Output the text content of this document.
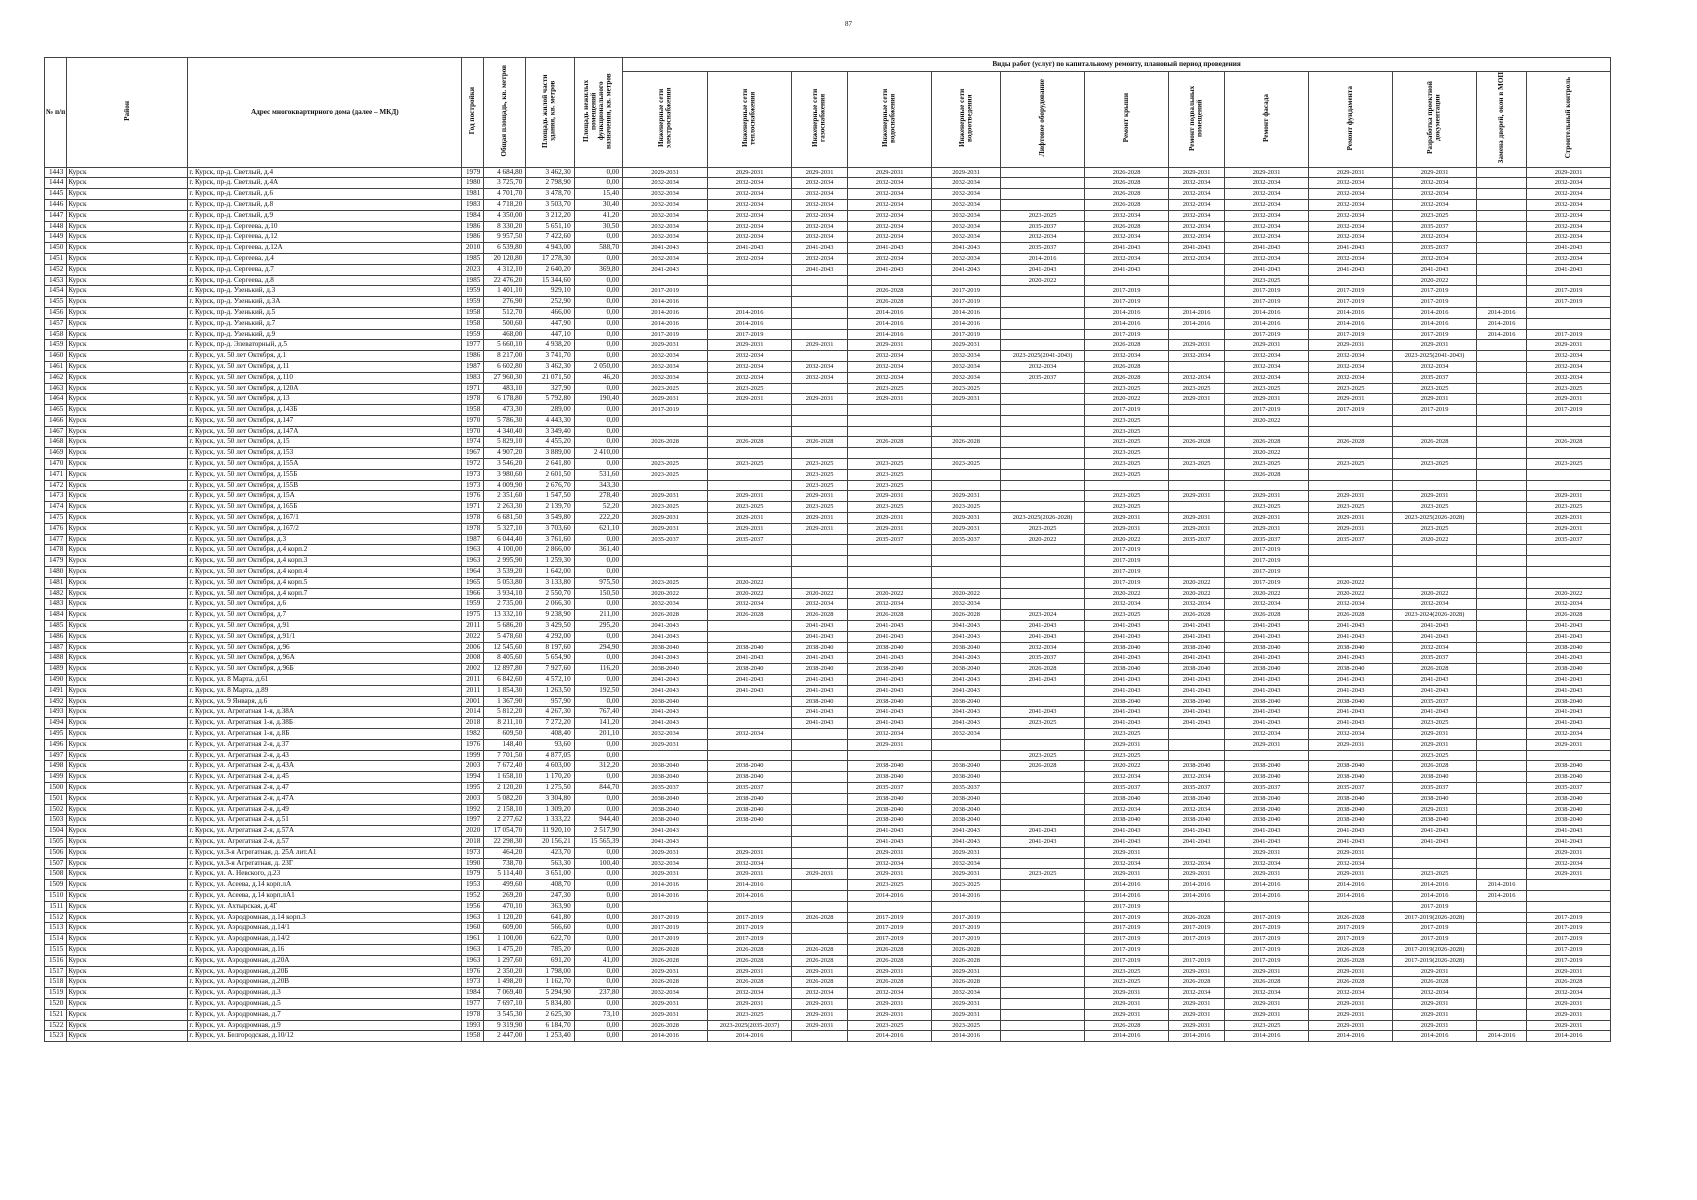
87
№ п/п	Район	Адрес многоквартирного дома (далее – МКД)	Год постройки	Общая площадь, кв. метров	Площадь жилой части здания, кв. метров	Площадь нежилых помещений функционального назначения, кв. метров	Виды работ (услуг) по капитальному ремонту, плановый период проведения												
							Инженерные сети электроснабжения	Инженерные сети теплоснабжения	Инженерные сети газоснабжения	Инженерные сети водоснабжения	Инженерные сети водоотведения	Лифтовое оборудование	Ремонт крыши	Ремонт подвальных помещений	Ремонт фасада	Ремонт фундамента	Разработка проектной документации	Замена дверей, окон в МОП	Строительный контроль
1443	Курск	г. Курск, пр-д. Светлый, д.4	1979	4 684,80	3 462,30	0,00	2029-2031	2029-2031	2029-2031	2029-2031	2029-2031		2026-2028	2029-2031	2029-2031	2029-2031	2029-2031		2029-2031
1444	Курск	г. Курск, пр-д. Светлый, д.4А	1980	3 725,70	2 798,90	0,00	2032-2034	2032-2034	2032-2034	2032-2034	2032-2034		2026-2028	2032-2034	2032-2034	2032-2034	2032-2034		2032-2034
1445	Курск	г. Курск, пр-д. Светлый, д.6	1981	4 701,70	3 478,70	15,40	2032-2034	2032-2034	2032-2034	2032-2034	2032-2034		2026-2028	2032-2034	2032-2034	2032-2034	2032-2034		2032-2034
1446	Курск	г. Курск, пр-д. Светлый, д.8	1983	4 718,20	3 503,70	30,40	2032-2034	2032-2034	2032-2034	2032-2034	2032-2034		2026-2028	2032-2034	2032-2034	2032-2034	2032-2034		2032-2034
1447	Курск	г. Курск, пр-д. Светлый, д.9	1984	4 350,00	3 212,20	41,20	2032-2034	2032-2034	2032-2034	2032-2034	2032-2034	2023-2025	2032-2034	2032-2034	2032-2034	2032-2034	2023-2025		2032-2034
1448	Курск	г. Курск, пр-д. Сергеева, д.10	1986	8 330,20	5 651,10	30,50	2032-2034	2032-2034	2032-2034	2032-2034	2032-2034	2035-2037	2026-2028	2032-2034	2032-2034	2032-2034	2035-2037		2032-2034
1449	Курск	г. Курск, пр-д. Сергеева, д.12	1986	9 957,50	7 422,60	0,00	2032-2034	2032-2034	2032-2034	2032-2034	2032-2034	2032-2034	2032-2034	2032-2034	2032-2034	2032-2034	2032-2034		2032-2034
1450	Курск	г. Курск, пр-д. Сергеева, д.12А	2010	6 539,80	4 943,00	588,70	2041-2043	2041-2043	2041-2043	2041-2043	2041-2043	2035-2037	2041-2043	2041-2043	2041-2043	2041-2043	2035-2037		2041-2043
1451	Курск	г. Курск, пр-д. Сергеева, д.4	1985	20 120,80	17 278,30	0,00	2032-2034	2032-2034	2032-2034	2032-2034	2032-2034	2014-2016	2032-2034	2032-2034	2032-2034	2032-2034	2032-2034		2032-2034
1452	Курск	г. Курск, пр-д. Сергеева, д.7	2023	4 312,10	2 640,20	369,80	2041-2043		2041-2043	2041-2043	2041-2043	2041-2043	2041-2043		2041-2043	2041-2043	2041-2043		2041-2043
1453	Курск	г. Курск, пр-д. Сергеева, д.8	1985	22 476,20	15 344,60	0,00						2020-2022			2023-2025		2020-2022		
1454	Курск	г. Курск, пр-д. Узенький, д.3	1959	1 401,10	929,10	0,00	2017-2019			2026-2028	2017-2019		2017-2019		2017-2019	2017-2019	2017-2019		2017-2019
1455	Курск	г. Курск, пр-д. Узенький, д.3А	1959	276,90	252,90	0,00	2014-2016			2026-2028	2017-2019		2017-2019		2017-2019	2017-2019	2017-2019		2017-2019
1456	Курск	г. Курск, пр-д. Узенький, д.5	1958	512,70	466,00	0,00	2014-2016	2014-2016		2014-2016	2014-2016		2014-2016	2014-2016	2014-2016	2014-2016	2014-2016	2014-2016	
1457	Курск	г. Курск, пр-д. Узенький, д.7	1958	500,60	447,90	0,00	2014-2016	2014-2016		2014-2016	2014-2016		2014-2016	2014-2016	2014-2016	2014-2016	2014-2016	2014-2016	
1458	Курск	г. Курск, пр-д. Узенький, д.9	1959	468,00	447,10	0,00	2017-2019	2017-2019		2014-2016	2017-2019		2017-2019		2017-2019	2017-2019	2017-2019	2014-2016	2017-2019
1459	Курск	г. Курск, пр-д. Элеваторный, д.5	1977	5 660,10	4 938,20	0,00	2029-2031	2029-2031	2029-2031	2029-2031	2029-2031		2026-2028	2029-2031	2029-2031	2029-2031	2029-2031		2029-2031
1460	Курск	г. Курск, ул. 50 лет Октября, д.1	1986	8 217,00	3 741,70	0,00	2032-2034	2032-2034		2032-2034	2032-2034	2023-2025(2041-2043)	2032-2034	2032-2034	2032-2034	2032-2034	2023-2025(2041-2043)		2032-2034
1461	Курск	г. Курск, ул. 50 лет Октября, д.11	1987	6 602,80	3 462,30	2 050,00	2032-2034	2032-2034	2032-2034	2032-2034	2032-2034	2032-2034	2026-2028		2032-2034	2032-2034	2032-2034		2032-2034
1462	Курск	г. Курск, ул. 50 лет Октября, д.110	1983	27 960,30	21 071,50	46,20	2032-2034	2032-2034	2032-2034	2032-2034	2032-2034	2035-2037	2026-2028	2032-2034	2032-2034	2032-2034	2035-2037		2032-2034
1463	Курск	г. Курск, ул. 50 лет Октября, д.120А	1971	483,10	327,90	0,00	2023-2025	2023-2025		2023-2025	2023-2025		2023-2025	2023-2025	2023-2025	2023-2025	2023-2025		2023-2025
1464	Курск	г. Курск, ул. 50 лет Октября, д.13	1978	6 178,80	5 792,80	190,40	2029-2031	2029-2031	2029-2031	2029-2031	2029-2031		2020-2022	2029-2031	2029-2031	2029-2031	2029-2031		2029-2031
1465	Курск	г. Курск, ул. 50 лет Октября, д.143Б	1958	473,30	289,00	0,00	2017-2019						2017-2019		2017-2019	2017-2019	2017-2019		2017-2019
1466	Курск	г. Курск, ул. 50 лет Октября, д.147	1970	5 786,30	4 443,30	0,00							2023-2025		2020-2022				
1467	Курск	г. Курск, ул. 50 лет Октября, д.147А	1970	4 340,40	3 349,40	0,00							2023-2025						
1468	Курск	г. Курск, ул. 50 лет Октября, д.15	1974	5 829,10	4 455,20	0,00	2026-2028	2026-2028	2026-2028	2026-2028	2026-2028		2023-2025	2026-2028	2026-2028	2026-2028	2026-2028		2026-2028
1469	Курск	г. Курск, ул. 50 лет Октября, д.153	1967	4 907,20	3 889,00	2 410,00							2023-2025		2020-2022				
1470	Курск	г. Курск, ул. 50 лет Октября, д.155А	1972	3 546,20	2 641,80	0,00	2023-2025	2023-2025	2023-2025	2023-2025	2023-2025		2023-2025	2023-2025	2023-2025	2023-2025	2023-2025		2023-2025
1471	Курск	г. Курск, ул. 50 лет Октября, д.155Б	1973	3 980,60	2 601,50	531,60	2023-2025		2023-2025	2023-2025			2023-2025		2026-2028				
1472	Курск	г. Курск, ул. 50 лет Октября, д.155В	1973	4 009,90	2 676,70	343,30			2023-2025	2023-2025									
1473	Курск	г. Курск, ул. 50 лет Октября, д.15А	1976	2 351,60	1 547,50	278,40	2029-2031	2029-2031	2029-2031	2029-2031	2029-2031		2023-2025	2029-2031	2029-2031	2029-2031	2029-2031		2029-2031
1474	Курск	г. Курск, ул. 50 лет Октября, д.165Б	1971	2 263,30	2 139,70	52,20	2023-2025	2023-2025	2023-2025	2023-2025	2023-2025		2023-2025		2023-2025	2023-2025	2023-2025		2023-2025
1475	Курск	г. Курск, ул. 50 лет Октября, д.167/1	1978	6 681,50	3 549,80	222,20	2029-2031	2029-2031	2029-2031	2029-2031	2029-2031	2023-2025(2026-2028)	2029-2031	2029-2031	2029-2031	2029-2031	2023-2025(2026-2028)		2029-2031
1476	Курск	г. Курск, ул. 50 лет Октября, д.167/2	1978	5 327,10	3 703,60	621,10	2029-2031	2029-2031	2029-2031	2029-2031	2029-2031	2023-2025	2029-2031	2029-2031	2029-2031	2029-2031	2023-2025		2029-2031
1477	Курск	г. Курск, ул. 50 лет Октября, д.3	1987	6 044,40	3 761,60	0,00	2035-2037	2035-2037		2035-2037	2035-2037	2020-2022	2020-2022	2035-2037	2035-2037	2035-2037	2020-2022		2035-2037
1478	Курск	г. Курск, ул. 50 лет Октября, д.4 корп.2	1963	4 100,00	2 866,00	361,40							2017-2019		2017-2019				
1479	Курск	г. Курск, ул. 50 лет Октября, д.4 корп.3	1963	2 995,90	1 259,30	0,00							2017-2019		2017-2019				
1480	Курск	г. Курск, ул. 50 лет Октября, д.4 корп.4	1964	3 539,20	1 642,00	0,00							2017-2019		2017-2019				
1481	Курск	г. Курск, ул. 50 лет Октября, д.4 корп.5	1965	5 053,80	3 133,80	975,50	2023-2025	2020-2022					2017-2019	2020-2022	2017-2019	2020-2022			
1482	Курск	г. Курск, ул. 50 лет Октября, д.4 корп.7	1966	3 934,10	2 550,70	150,50	2020-2022	2020-2022	2020-2022	2020-2022	2020-2022		2020-2022	2020-2022	2020-2022	2020-2022	2020-2022		2020-2022
1483	Курск	г. Курск, ул. 50 лет Октября, д.6	1959	2 735,00	2 066,30	0,00	2032-2034	2032-2034	2032-2034	2032-2034	2032-2034		2032-2034	2032-2034	2032-2034	2032-2034	2032-2034		2032-2034
1484	Курск	г. Курск, ул. 50 лет Октября, д.7	1975	13 332,10	9 238,90	211,00	2026-2028	2026-2028	2026-2028	2026-2028	2026-2028	2023-2024	2023-2025	2026-2028	2026-2028	2026-2028	2023-2024(2026-2028)		2026-2028
1485	Курск	г. Курск, ул. 50 лет Октября, д.91	2011	5 686,20	3 429,50	295,20	2041-2043		2041-2043	2041-2043	2041-2043	2041-2043	2041-2043	2041-2043	2041-2043	2041-2043	2041-2043		2041-2043
1486	Курск	г. Курск, ул. 50 лет Октября, д.91/1	2022	5 478,60	4 292,00	0,00	2041-2043		2041-2043	2041-2043	2041-2043	2041-2043	2041-2043	2041-2043	2041-2043	2041-2043	2041-2043		2041-2043
1487	Курск	г. Курск, ул. 50 лет Октября, д.96	2006	12 545,60	8 197,60	294,90	2038-2040	2038-2040	2038-2040	2038-2040	2038-2040	2032-2034	2038-2040	2038-2040	2038-2040	2038-2040	2032-2034		2038-2040
1488	Курск	г. Курск, ул. 50 лет Октября, д.96А	2008	8 405,60	5 654,90	0,00	2041-2043	2041-2043	2041-2043	2041-2043	2041-2043	2035-2037	2041-2043	2041-2043	2041-2043	2041-2043	2035-2037		2041-2043
1489	Курск	г. Курск, ул. 50 лет Октября, д.96Б	2002	12 897,80	7 927,60	116,20	2038-2040	2038-2040	2038-2040	2038-2040	2038-2040	2026-2028	2038-2040	2038-2040	2038-2040	2038-2040	2026-2028		2038-2040
1490	Курск	г. Курск, ул. 8 Марта, д.61	2011	6 842,60	4 572,10	0,00	2041-2043	2041-2043	2041-2043	2041-2043	2041-2043	2041-2043	2041-2043	2041-2043	2041-2043	2041-2043	2041-2043		2041-2043
1491	Курск	г. Курск, ул. 8 Марта, д.89	2011	1 854,30	1 263,50	192,50	2041-2043	2041-2043	2041-2043	2041-2043	2041-2043		2041-2043	2041-2043	2041-2043	2041-2043	2041-2043		2041-2043
1492	Курск	г. Курск, ул. 9 Января, д.6	2001	1 367,90	957,90	0,00	2038-2040		2038-2040	2038-2040	2038-2040		2038-2040	2038-2040	2038-2040	2038-2040	2035-2037		2038-2040
1493	Курск	г. Курск, ул. Агрегатная 1-я, д.38А	2014	5 812,20	4 267,30	767,40	2041-2043		2041-2043	2041-2043	2041-2043	2041-2043	2041-2043	2041-2043	2041-2043	2041-2043	2041-2043		2041-2043
1494	Курск	г. Курск, ул. Агрегатная 1-я, д.38Б	2018	8 211,10	7 272,20	141,20	2041-2043		2041-2043	2041-2043	2041-2043	2023-2025	2041-2043	2041-2043	2041-2043	2041-2043	2023-2025		2041-2043
1495	Курск	г. Курск, ул. Агрегатная 1-я, д.8Б	1982	609,50	408,40	201,10	2032-2034	2032-2034		2032-2034	2032-2034		2023-2025		2032-2034	2032-2034	2029-2031		2032-2034
1496	Курск	г. Курск, ул. Агрегатная 2-я, д.37	1976	148,40	93,60	0,00	2029-2031			2029-2031			2029-2031		2029-2031	2029-2031	2029-2031		2029-2031
1497	Курск	г. Курск, ул. Агрегатная 2-я, д.43	1999	7 701,50	4 877,05	0,00						2023-2025	2023-2025				2023-2025		
1498	Курск	г. Курск, ул. Агрегатная 2-я, д.43А	2003	7 672,40	4 603,00	312,20	2038-2040	2038-2040		2038-2040	2038-2040	2026-2028	2020-2022	2038-2040	2038-2040	2038-2040	2026-2028		2038-2040
1499	Курск	г. Курск, ул. Агрегатная 2-я, д.45	1994	1 658,10	1 170,20	0,00	2038-2040	2038-2040		2038-2040	2038-2040		2032-2034	2032-2034	2038-2040	2038-2040	2038-2040		2038-2040
1500	Курск	г. Курск, ул. Агрегатная 2-я, д.47	1995	2 120,20	1 275,50	844,70	2035-2037	2035-2037		2035-2037	2035-2037		2035-2037	2035-2037	2035-2037	2035-2037	2035-2037		2035-2037
1501	Курск	г. Курск, ул. Агрегатная 2-я, д.47А	2003	5 082,20	3 304,80	0,00	2038-2040	2038-2040		2038-2040	2038-2040		2038-2040	2038-2040	2038-2040	2038-2040	2038-2040		2038-2040
1502	Курск	г. Курск, ул. Агрегатная 2-я, д.49	1992	2 158,10	1 309,20	0,00	2038-2040	2038-2040		2038-2040	2038-2040		2032-2034	2032-2034	2038-2040	2038-2040	2029-2031		2038-2040
1503	Курск	г. Курск, ул. Агрегатная 2-я, д.51	1997	2 277,62	1 333,22	944,40	2038-2040	2038-2040		2038-2040	2038-2040		2038-2040	2038-2040	2038-2040	2038-2040	2038-2040		2038-2040
1504	Курск	г. Курск, ул. Агрегатная 2-я, д.57А	2020	17 054,70	11 920,10	2 517,90	2041-2043			2041-2043	2041-2043	2041-2043	2041-2043	2041-2043	2041-2043	2041-2043	2041-2043		2041-2043
1505	Курск	г. Курск, ул. Агрегатная 2-я, д.57	2018	22 298,30	20 156,21	15 565,39	2041-2043			2041-2043	2041-2043	2041-2043	2041-2043	2041-2043	2041-2043	2041-2043	2041-2043		2041-2043
1506	Курск	г. Курск, ул.3-я Агрегатная, д. 25А лит.А1	1973	464,20	423,70	0,00	2029-2031	2029-2031		2029-2031	2029-2031		2029-2031		2029-2031	2029-2031			2029-2031
1507	Курск	г. Курск, ул.3-я Агрегатная, д. 23Г	1990	738,70	563,30	100,40	2032-2034	2032-2034		2032-2034	2032-2034		2032-2034	2032-2034	2032-2034	2032-2034			2032-2034
1508	Курск	г. Курск, ул. А. Невского, д.23	1979	5 114,40	3 651,00	0,00	2029-2031	2029-2031	2029-2031	2029-2031	2029-2031	2023-2025	2029-2031	2029-2031	2029-2031	2029-2031	2023-2025		2029-2031
1509	Курск	г. Курск, ул. Асеева, д.14 корп.лА	1953	499,60	408,70	0,00	2014-2016	2014-2016		2023-2025	2023-2025		2014-2016	2014-2016	2014-2016	2014-2016	2014-2016	2014-2016	
1510	Курск	г. Курск, ул. Асеева, д.14 корп.лА1	1952	269,20	247,30	0,00	2014-2016	2014-2016		2014-2016	2014-2016		2014-2016	2014-2016	2014-2016	2014-2016	2014-2016	2014-2016	
1511	Курск	г. Курск, ул. Ахтырская, д.4Г	1956	470,10	363,90	0,00							2017-2019				2017-2019		
1512	Курск	г. Курск, ул. Аэродромная, д.14 корп.3	1963	1 120,20	641,80	0,00	2017-2019	2017-2019	2026-2028	2017-2019	2017-2019		2017-2019	2026-2028	2017-2019	2026-2028	2017-2019(2026-2028)		2017-2019
1513	Курск	г. Курск, ул. Аэродромная, д.14/1	1960	609,00	566,60	0,00	2017-2019	2017-2019		2017-2019	2017-2019		2017-2019	2017-2019	2017-2019	2017-2019	2017-2019		2017-2019
1514	Курск	г. Курск, ул. Аэродромная, д.14/2	1961	1 100,00	622,70	0,00	2017-2019	2017-2019		2017-2019	2017-2019		2017-2019	2017-2019	2017-2019	2017-2019	2017-2019		2017-2019
1515	Курск	г. Курск, ул. Аэродромная, д.16	1963	1 475,20	785,20	0,00	2026-2028	2026-2028	2026-2028	2026-2028	2026-2028		2017-2019		2017-2019	2026-2028	2017-2019(2026-2028)		2017-2019
1516	Курск	г. Курск, ул. Аэродромная, д.20А	1963	1 297,60	691,20	41,00	2026-2028	2026-2028	2026-2028	2026-2028	2026-2028		2017-2019	2017-2019	2017-2019	2026-2028	2017-2019(2026-2028)		2017-2019
1517	Курск	г. Курск, ул. Аэродромная, д.20Б	1976	2 350,20	1 798,00	0,00	2029-2031	2029-2031	2029-2031	2029-2031	2029-2031		2023-2025	2029-2031	2029-2031	2029-2031	2029-2031		2029-2031
1518	Курск	г. Курск, ул. Аэродромная, д.20В	1973	1 498,20	1 162,70	0,00	2026-2028	2026-2028	2026-2028	2026-2028	2026-2028		2023-2025	2026-2028	2026-2028	2026-2028	2026-2028		2026-2028
1519	Курск	г. Курск, ул. Аэродромная, д.3	1984	7 069,40	5 294,90	237,80	2032-2034	2032-2034	2032-2034	2032-2034	2032-2034		2029-2031	2032-2034	2032-2034	2032-2034	2032-2034		2032-2034
1520	Курск	г. Курск, ул. Аэродромная, д.5	1977	7 697,10	5 834,80	0,00	2029-2031	2029-2031	2029-2031	2029-2031	2029-2031		2029-2031	2029-2031	2029-2031	2029-2031	2029-2031		2029-2031
1521	Курск	г. Курск, ул. Аэродромная, д.7	1978	3 545,30	2 625,30	73,10	2029-2031	2023-2025	2029-2031	2029-2031	2029-2031		2029-2031	2029-2031	2029-2031	2029-2031	2029-2031		2029-2031
1522	Курск	г. Курск, ул. Аэродромная, д.9	1993	9 319,90	6 184,70	0,00	2026-2028	2023-2025(2035-2037)	2029-2031	2023-2025	2023-2025		2026-2028	2029-2031	2023-2025	2029-2031	2029-2031		2029-2031
1523	Курск	г. Курск, ул. Белгородская, д.10/12	1958	2 447,00	1 253,40	0,00	2014-2016	2014-2016		2014-2016	2014-2016		2014-2016	2014-2016	2014-2016	2014-2016	2014-2016	2014-2016	2014-2016
